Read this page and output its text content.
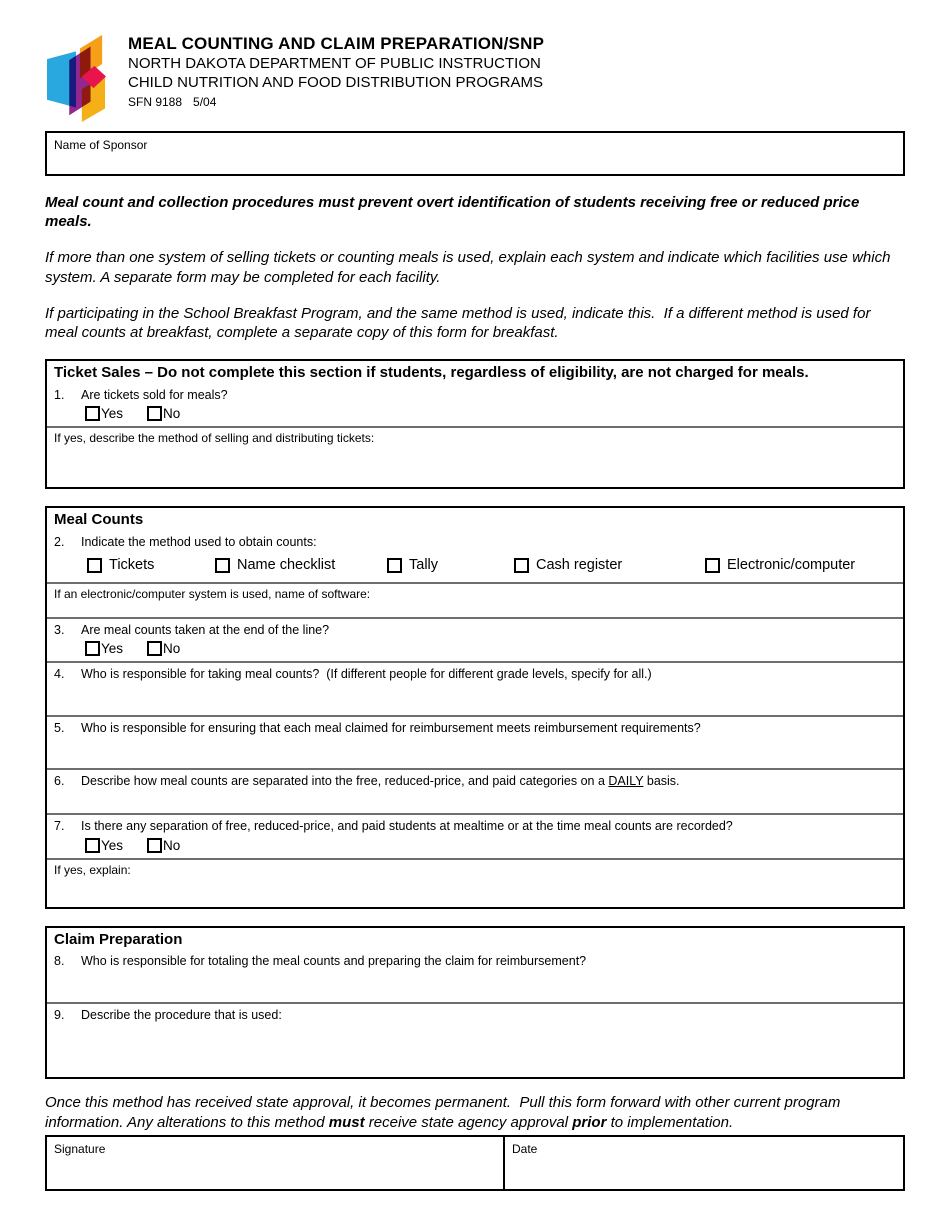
MEAL COUNTING AND CLAIM PREPARATION/SNP
NORTH DAKOTA DEPARTMENT OF PUBLIC INSTRUCTION
CHILD NUTRITION AND FOOD DISTRIBUTION PROGRAMS
SFN 9188 5/04
Name of Sponsor

Meal count and collection procedures must prevent overt identification of students receiving free or reduced price meals.

If more than one system of selling tickets or counting meals is used, explain each system and indicate which facilities use which system. A separate form may be completed for each facility.

If participating in the School Breakfast Program, and the same method is used, indicate this.  If a different method is used for meal counts at breakfast, complete a separate copy of this form for breakfast.

Ticket Sales – Do not complete this section if students, regardless of eligibility, are not charged for meals.
1.	Are tickets sold for meals?
Yes	No
If yes, describe the method of selling and distributing tickets:
Meal Counts
2.	Indicate the method used to obtain counts:
Tickets	Name checklist	Tally	Cash register	Electronic/computer
If an electronic/computer system is used, name of software:
3.	Are meal counts taken at the end of the line?
Yes	No
4.	Who is responsible for taking meal counts?  (If different people for different grade levels, specify for all.)
5.	Who is responsible for ensuring that each meal claimed for reimbursement meets reimbursement requirements?
6.	Describe how meal counts are separated into the free, reduced-price, and paid categories on a DAILY basis.
7.	Is there any separation of free, reduced-price, and paid students at mealtime or at the time meal counts are recorded?
Yes	No
If yes, explain:
Claim Preparation
8.	Who is responsible for totaling the meal counts and preparing the claim for reimbursement?
9.	Describe the procedure that is used:

Once this method has received state approval, it becomes permanent.  Pull this form forward with other current program information. Any alterations to this method must receive state agency approval prior to implementation.

Signature	Date
